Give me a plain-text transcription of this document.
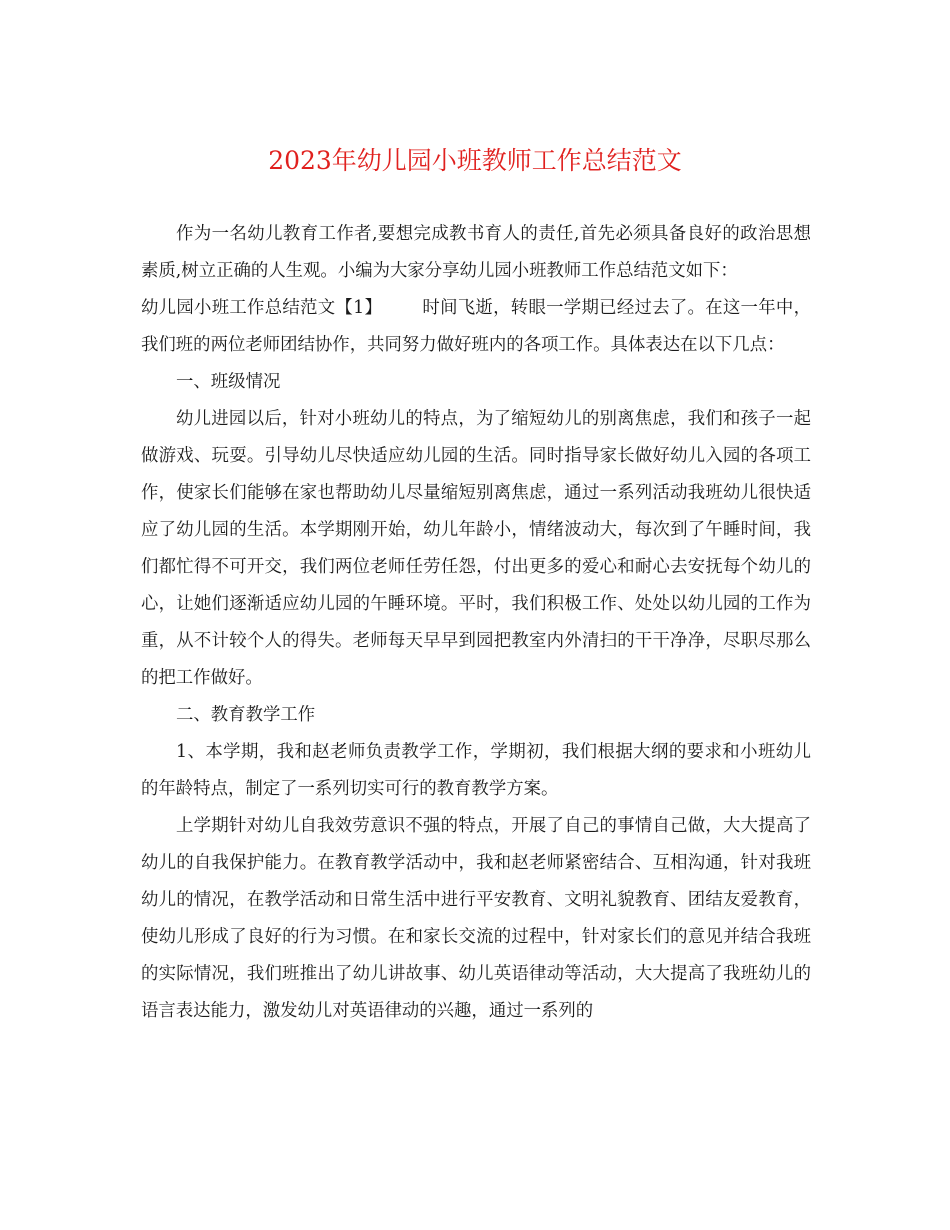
2023年幼儿园小班教师工作总结范文

作为一名幼儿教育工作者,要想完成教书育人的责任,首先必须具备良好的政治思想素质,树立正确的人生观。小编为大家分享幼儿园小班教师工作总结范文如下：

幼儿园小班工作总结范文【1】 时间飞逝，转眼一学期已经过去了。在这一年中，我们班的两位老师团结协作，共同努力做好班内的各项工作。具体表达在以下几点：

一、班级情况

幼儿进园以后，针对小班幼儿的特点，为了缩短幼儿的别离焦虑，我们和孩子一起做游戏、玩耍。引导幼儿尽快适应幼儿园的生活。同时指导家长做好幼儿入园的各项工作，使家长们能够在家也帮助幼儿尽量缩短别离焦虑，通过一系列活动我班幼儿很快适应了幼儿园的生活。本学期刚开始，幼儿年龄小，情绪波动大，每次到了午睡时间，我们都忙得不可开交，我们两位老师任劳任怨，付出更多的爱心和耐心去安抚每个幼儿的心，让她们逐渐适应幼儿园的午睡环境。平时，我们积极工作、处处以幼儿园的工作为重，从不计较个人的得失。老师每天早早到园把教室内外清扫的干干净净，尽职尽那么的把工作做好。

二、教育教学工作

1、本学期，我和赵老师负责教学工作，学期初，我们根据大纲的要求和小班幼儿的年龄特点，制定了一系列切实可行的教育教学方案。

上学期针对幼儿自我效劳意识不强的特点，开展了自己的事情自己做，大大提高了幼儿的自我保护能力。在教育教学活动中，我和赵老师紧密结合、互相沟通，针对我班幼儿的情况，在教学活动和日常生活中进行平安教育、文明礼貌教育、团结友爱教育，使幼儿形成了良好的行为习惯。在和家长交流的过程中，针对家长们的意见并结合我班的实际情况，我们班推出了幼儿讲故事、幼儿英语律动等活动，大大提高了我班幼儿的语言表达能力，激发幼儿对英语律动的兴趣，通过一系列的
